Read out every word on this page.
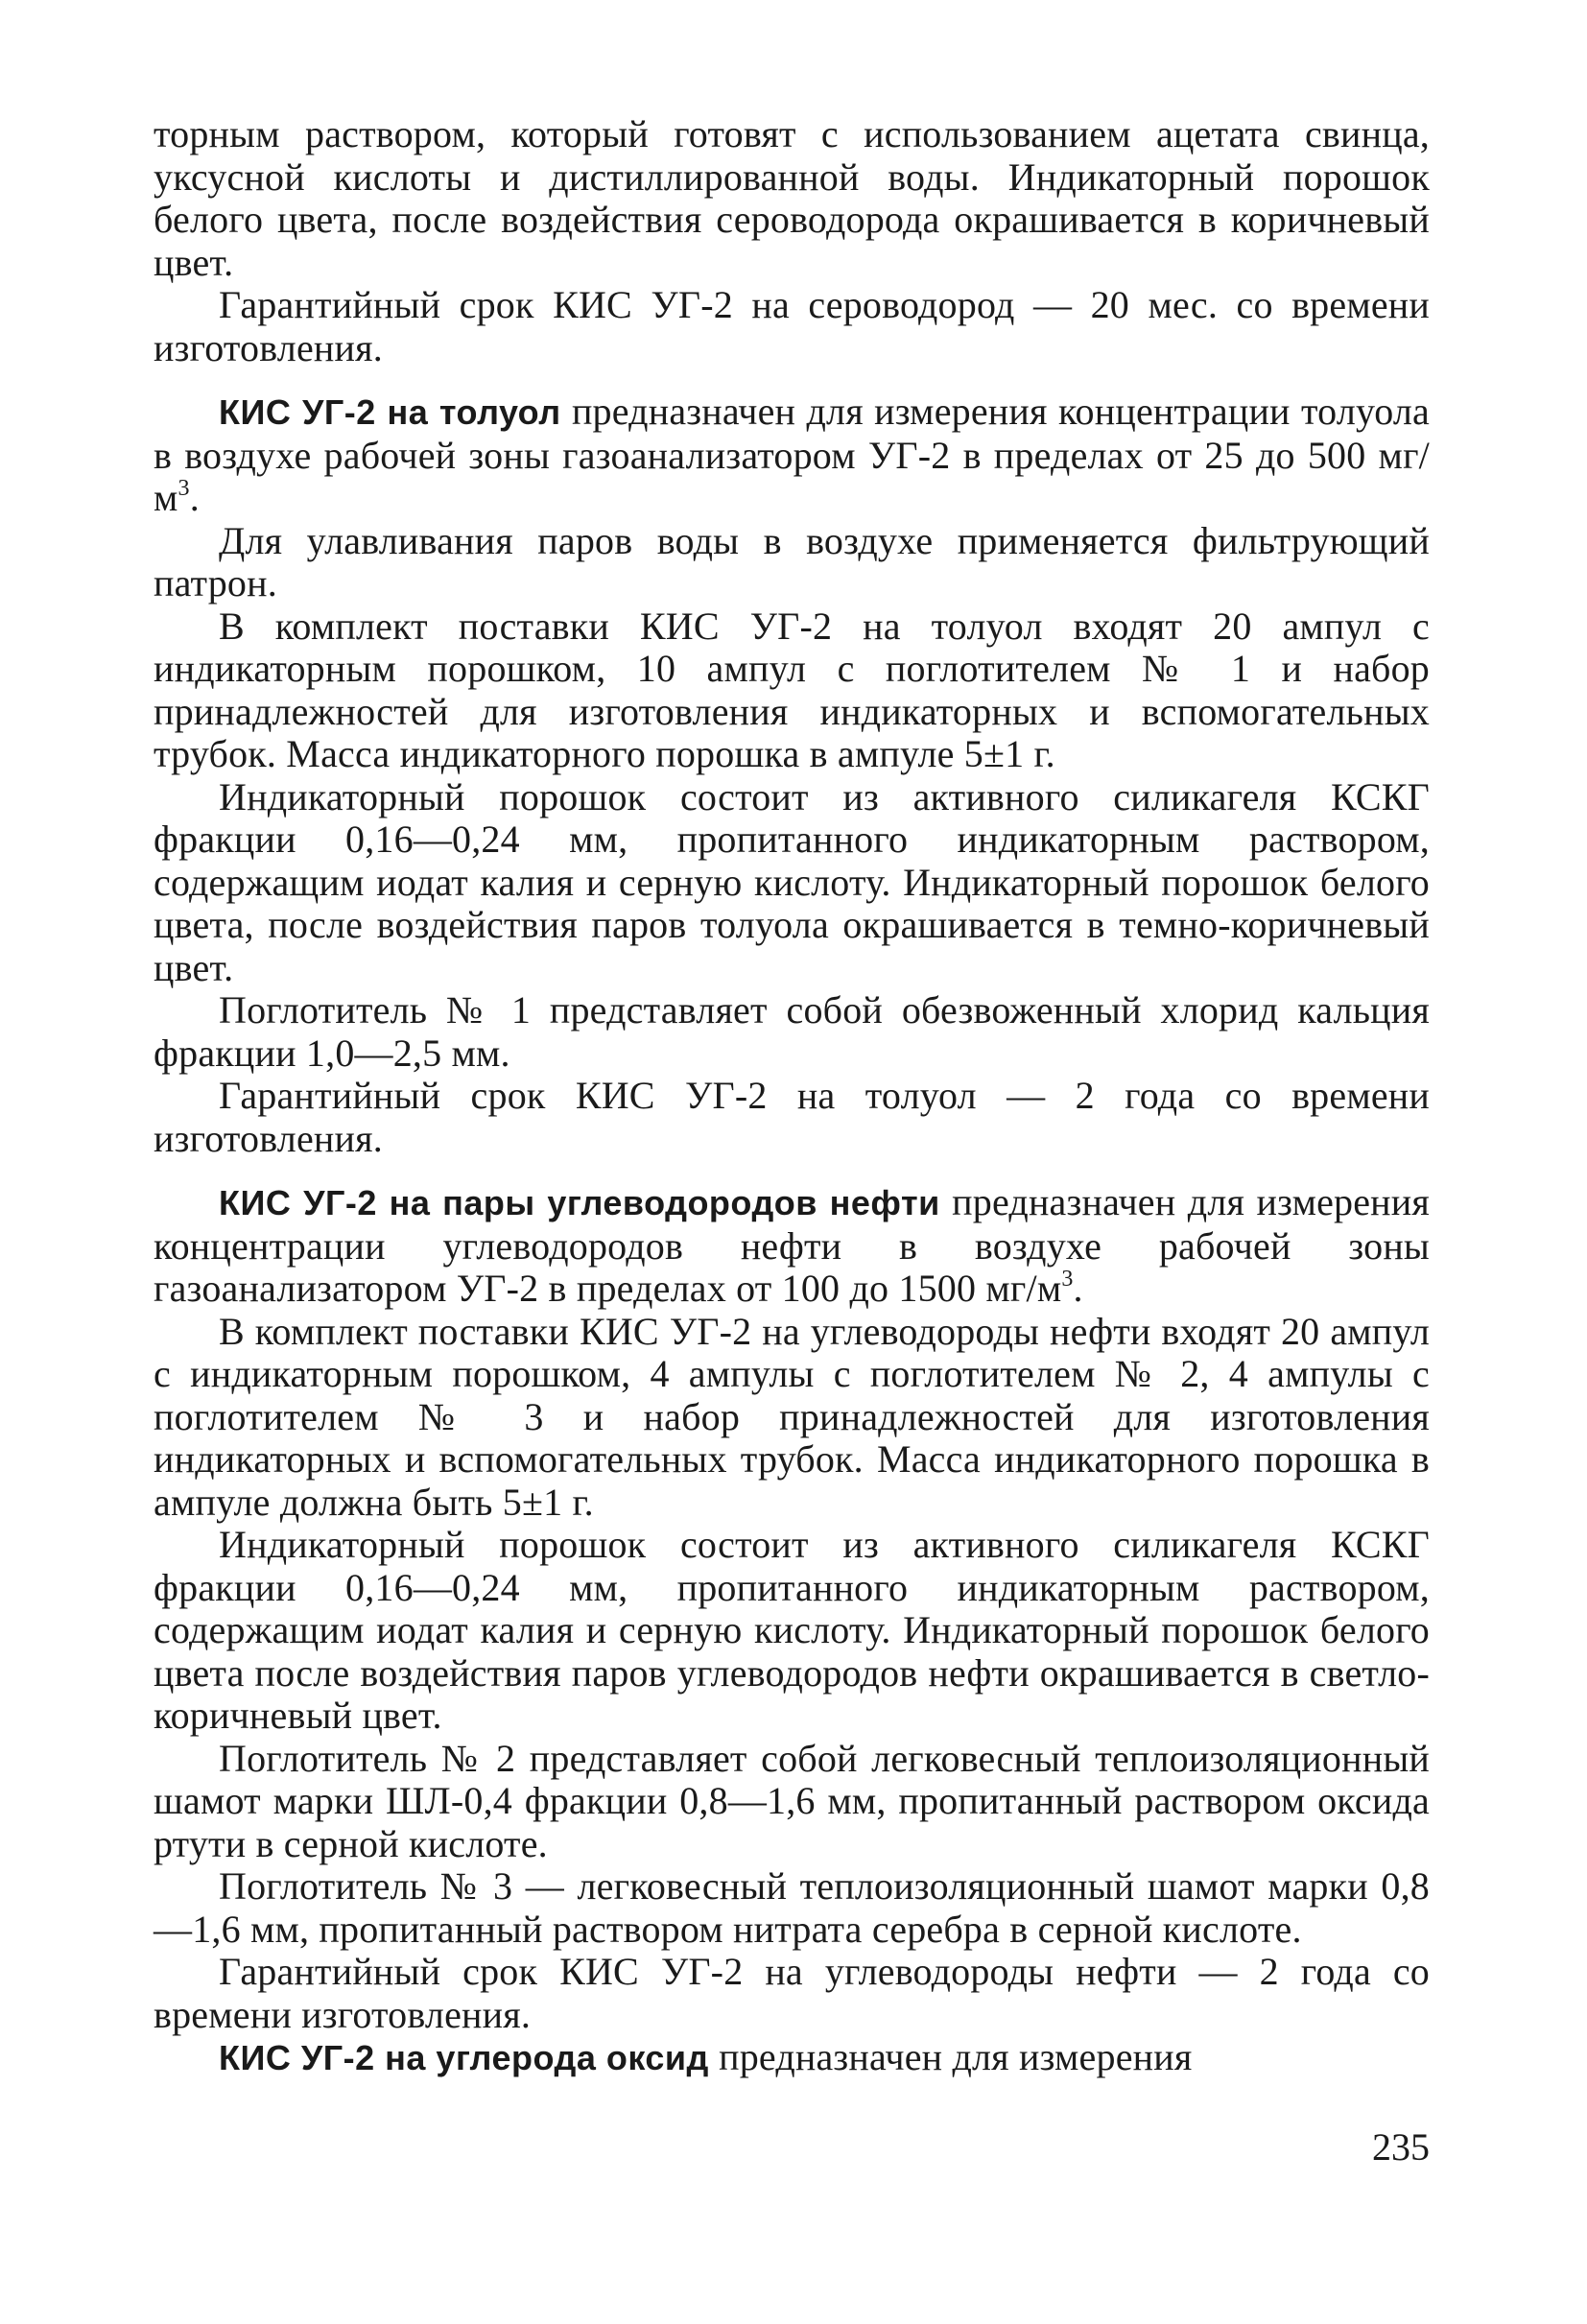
торным раствором, который готовят с использованием ацетата свинца, уксусной кислоты и дистиллированной воды. Индикаторный порошок белого цвета, после воздействия сероводорода окрашивается в коричневый цвет.

Гарантийный срок КИС УГ-2 на сероводород — 20 мес. со времени изготовления.

КИС УГ-2 на толуол предназначен для измерения концентрации толуола в воздухе рабочей зоны газоанализатором УГ-2 в пределах от 25 до 500 $мг/м^3$.

Для улавливания паров воды в воздухе применяется фильтрующий патрон.

В комплект поставки КИС УГ-2 на толуол входят 20 ампул с индикаторным порошком, 10 ампул с поглотителем № 1 и набор принадлежностей для изготовления индикаторных и вспомогательных трубок. Масса индикаторного порошка в ампуле 5±1 г.

Индикаторный порошок состоит из активного силикагеля КСКГ фракции 0,16—0,24 мм, пропитанного индикаторным раствором, содержащим иодат калия и серную кислоту. Индикаторный порошок белого цвета, после воздействия паров толуола окрашивается в темно-коричневый цвет.

Поглотитель № 1 представляет собой обезвоженный хлорид кальция фракции 1,0—2,5 мм.

Гарантийный срок КИС УГ-2 на толуол — 2 года со времени изготовления.

КИС УГ-2 на пары углеводородов нефти предназначен для измерения концентрации углеводородов нефти в воздухе рабочей зоны газоанализатором УГ-2 в пределах от 100 до 1500 $мг/м^3$.

В комплект поставки КИС УГ-2 на углеводороды нефти входят 20 ампул с индикаторным порошком, 4 ампулы с поглотителем № 2, 4 ампулы с поглотителем № 3 и набор принадлежностей для изготовления индикаторных и вспомогательных трубок. Масса индикаторного порошка в ампуле должна быть 5±1 г.

Индикаторный порошок состоит из активного силикагеля КСКГ фракции 0,16—0,24 мм, пропитанного индикаторным раствором, содержащим иодат калия и серную кислоту. Индикаторный порошок белого цвета после воздействия паров углеводородов нефти окрашивается в светло-коричневый цвет.

Поглотитель № 2 представляет собой легковесный теплоизоляционный шамот марки ШЛ-0,4 фракции 0,8—1,6 мм, пропитанный раствором оксида ртути в серной кислоте.

Поглотитель № 3 — легковесный теплоизоляционный шамот марки 0,8—1,6 мм, пропитанный раствором нитрата серебра в серной кислоте.

Гарантийный срок КИС УГ-2 на углеводороды нефти — 2 года со времени изготовления.

КИС УГ-2 на углерода оксид предназначен для измерения

235
